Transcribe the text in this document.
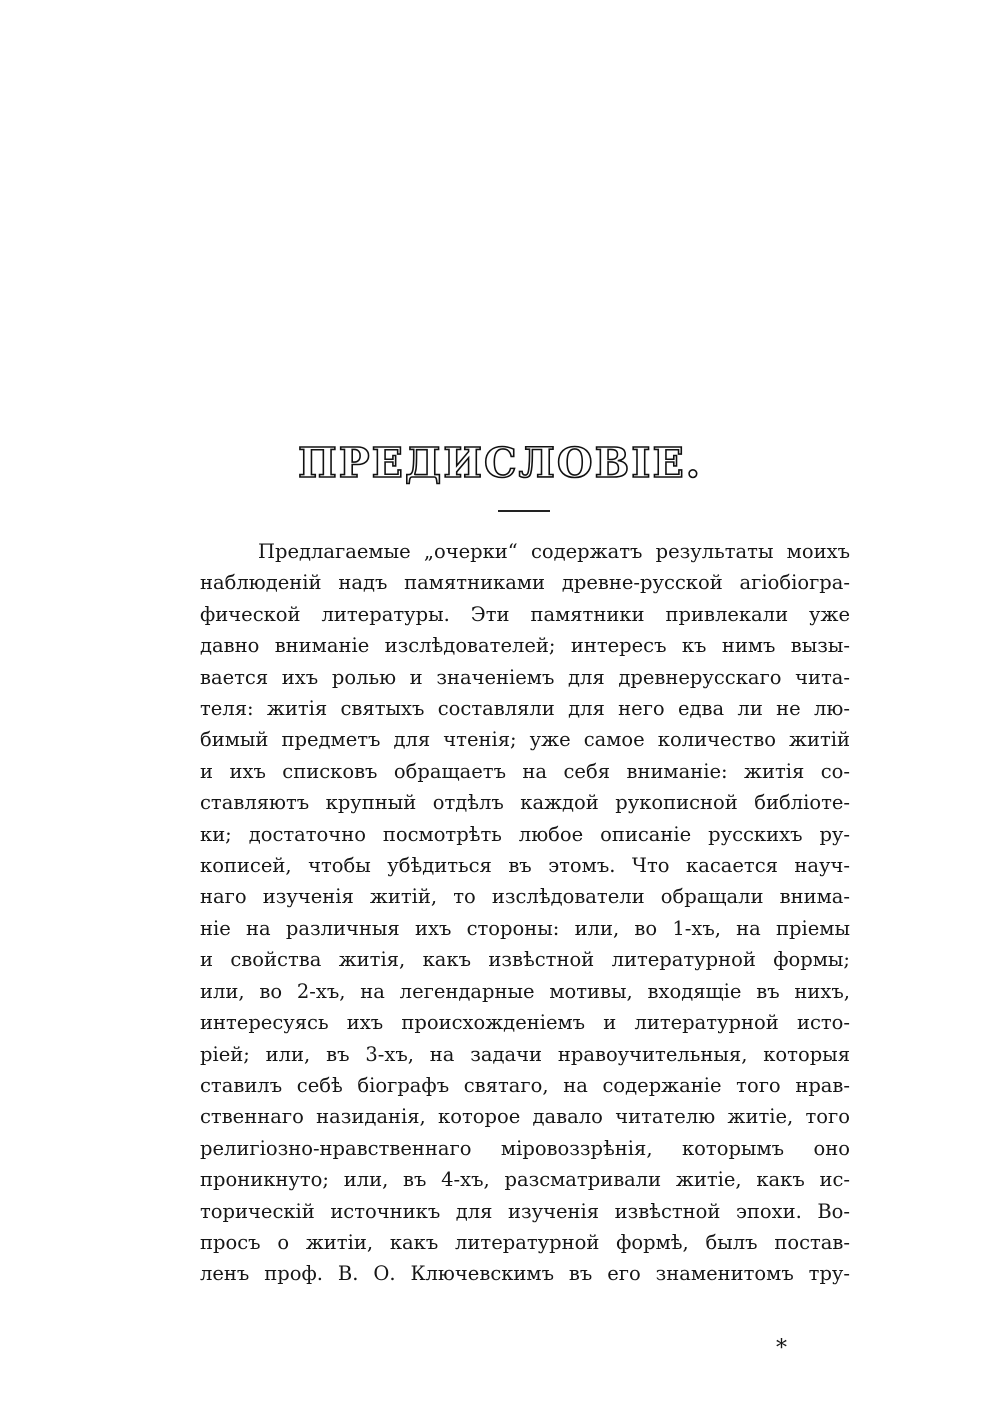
ПРЕДИСЛОВІЕ.
Предлагаемые „очерки“ содержатъ результаты моихъ
наблюденій надъ памятниками древне-русской агіобiогра-
фической литературы. Эти памятники привлекали уже
давно вниманіе изслѣдователей; интересъ къ нимъ вызы-
вается ихъ ролью и значеніемъ для древнерусскаго чита-
теля: житія святыхъ составляли для него едва ли не лю-
бимый предметъ для чтенія; уже самое количество житій
и ихъ списковъ обращаетъ на себя вниманіе: житія со-
ставляютъ крупный отдѣлъ каждой рукописной библіоте-
ки; достаточно посмотрѣть любое описаніе русскихъ ру-
кописей, чтобы убѣдиться въ этомъ. Что касается науч-
наго изученія житій, то изслѣдователи обращали внима-
ніе на различныя ихъ стороны: или, во 1-хъ, на пріемы
и свойства житія, какъ извѣстной литературной формы;
или, во 2-хъ, на легендарные мотивы, входящіе въ нихъ,
интересуясь ихъ происхожденіемъ и литературной исто-
ріей; или, въ 3-хъ, на задачи нравоучительныя, которыя
ставилъ себѣ біографъ святаго, на содержаніе того нрав-
ственнаго назиданія, которое давало читателю житіе, того
религіозно-нравственнаго міровоззрѣнія, которымъ оно
проникнуто; или, въ 4-хъ, разсматривали житіе, какъ ис-
торическій источникъ для изученія извѣстной эпохи. Во-
просъ о житіи, какъ литературной формѣ, былъ постав-
ленъ проф. В. О. Ключевскимъ въ его знаменитомъ тру-
*
